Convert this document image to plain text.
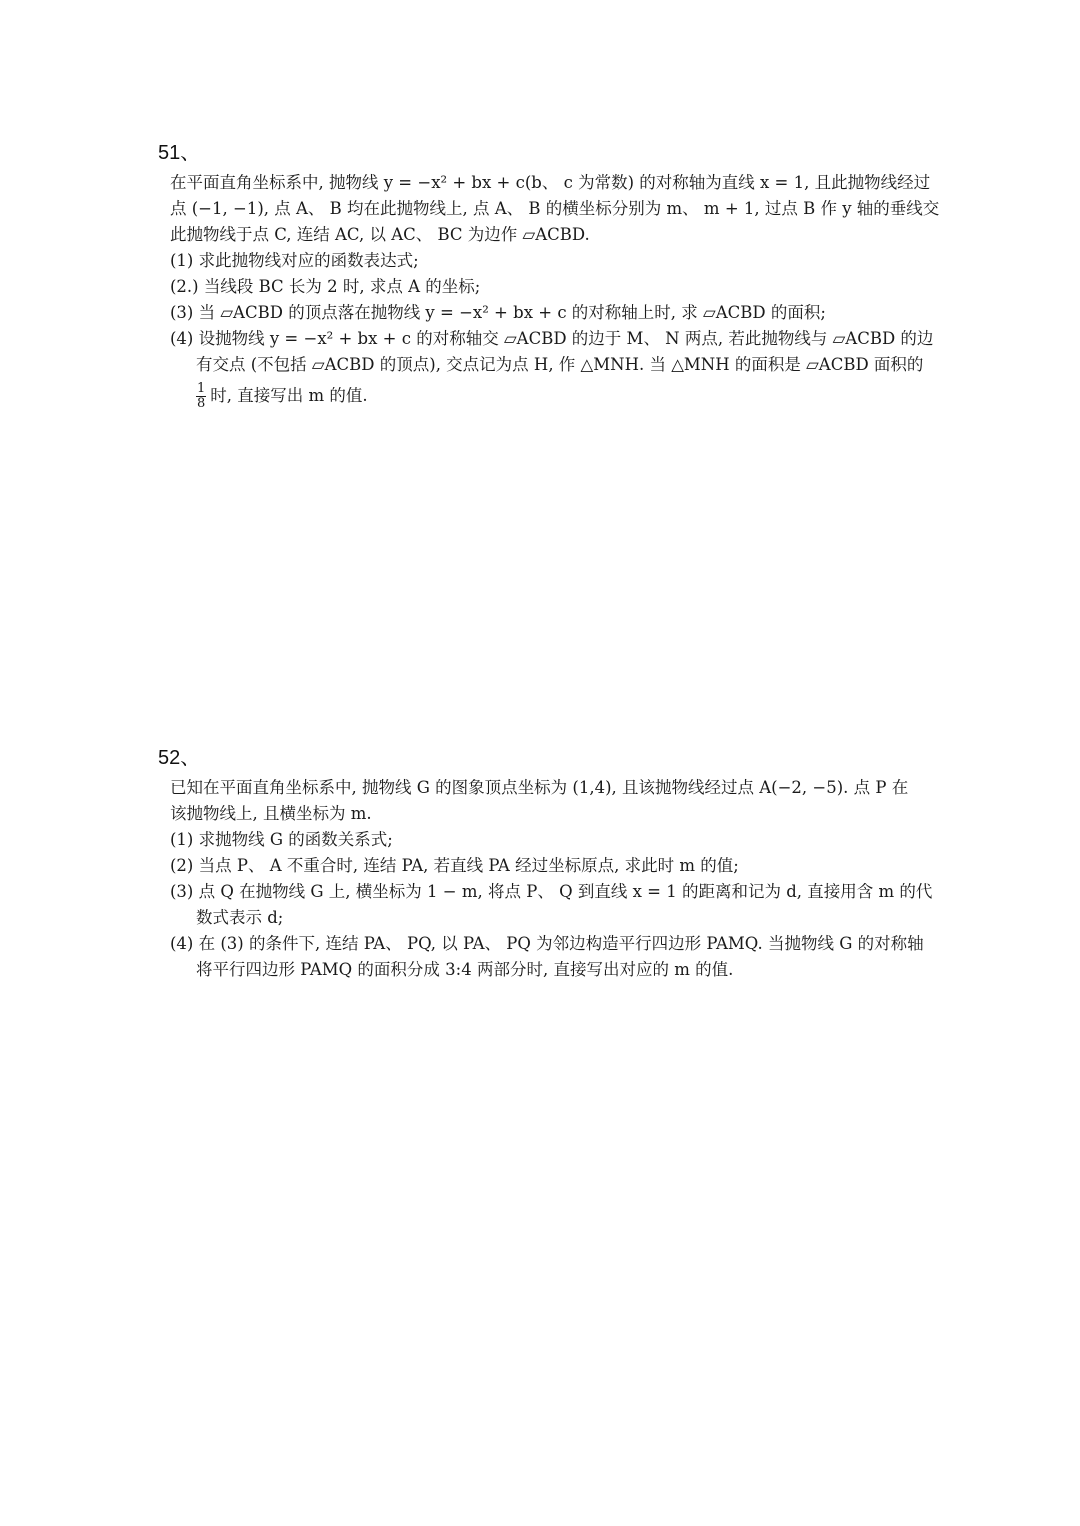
51、
在平面直角坐标系中, 抛物线 y = −x² + bx + c(b、 c 为常数) 的对称轴为直线 x = 1, 且此抛物线经过
点 (−1, −1), 点 A、 B 均在此抛物线上, 点 A、 B 的横坐标分别为 m、 m + 1, 过点 B 作 y 轴的垂线交
此抛物线于点 C, 连结 AC, 以 AC、 BC 为边作 ▱ACBD.
(1) 求此抛物线对应的函数表达式;
(2.) 当线段 BC 长为 2 时, 求点 A 的坐标;
(3) 当 ▱ACBD 的顶点落在抛物线 y = −x² + bx + c 的对称轴上时, 求 ▱ACBD 的面积;
(4) 设抛物线 y = −x² + bx + c 的对称轴交 ▱ACBD 的边于 M、 N 两点, 若此抛物线与 ▱ACBD 的边
有交点 (不包括 ▱ACBD 的顶点), 交点记为点 H, 作 △MNH. 当 △MNH 的面积是 ▱ACBD 面积的
$\frac{1}{8}$ 时, 直接写出 m 的值.
52、
已知在平面直角坐标系中, 抛物线 G 的图象顶点坐标为 (1,4), 且该抛物线经过点 A(−2, −5). 点 P 在
该抛物线上, 且横坐标为 m.
(1) 求抛物线 G 的函数关系式;
(2) 当点 P、 A 不重合时, 连结 PA, 若直线 PA 经过坐标原点, 求此时 m 的值;
(3) 点 Q 在抛物线 G 上, 横坐标为 1 − m, 将点 P、 Q 到直线 x = 1 的距离和记为 d, 直接用含 m 的代
数式表示 d;
(4) 在 (3) 的条件下, 连结 PA、 PQ, 以 PA、 PQ 为邻边构造平行四边形 PAMQ. 当抛物线 G 的对称轴
将平行四边形 PAMQ 的面积分成 3:4 两部分时, 直接写出对应的 m 的值.
